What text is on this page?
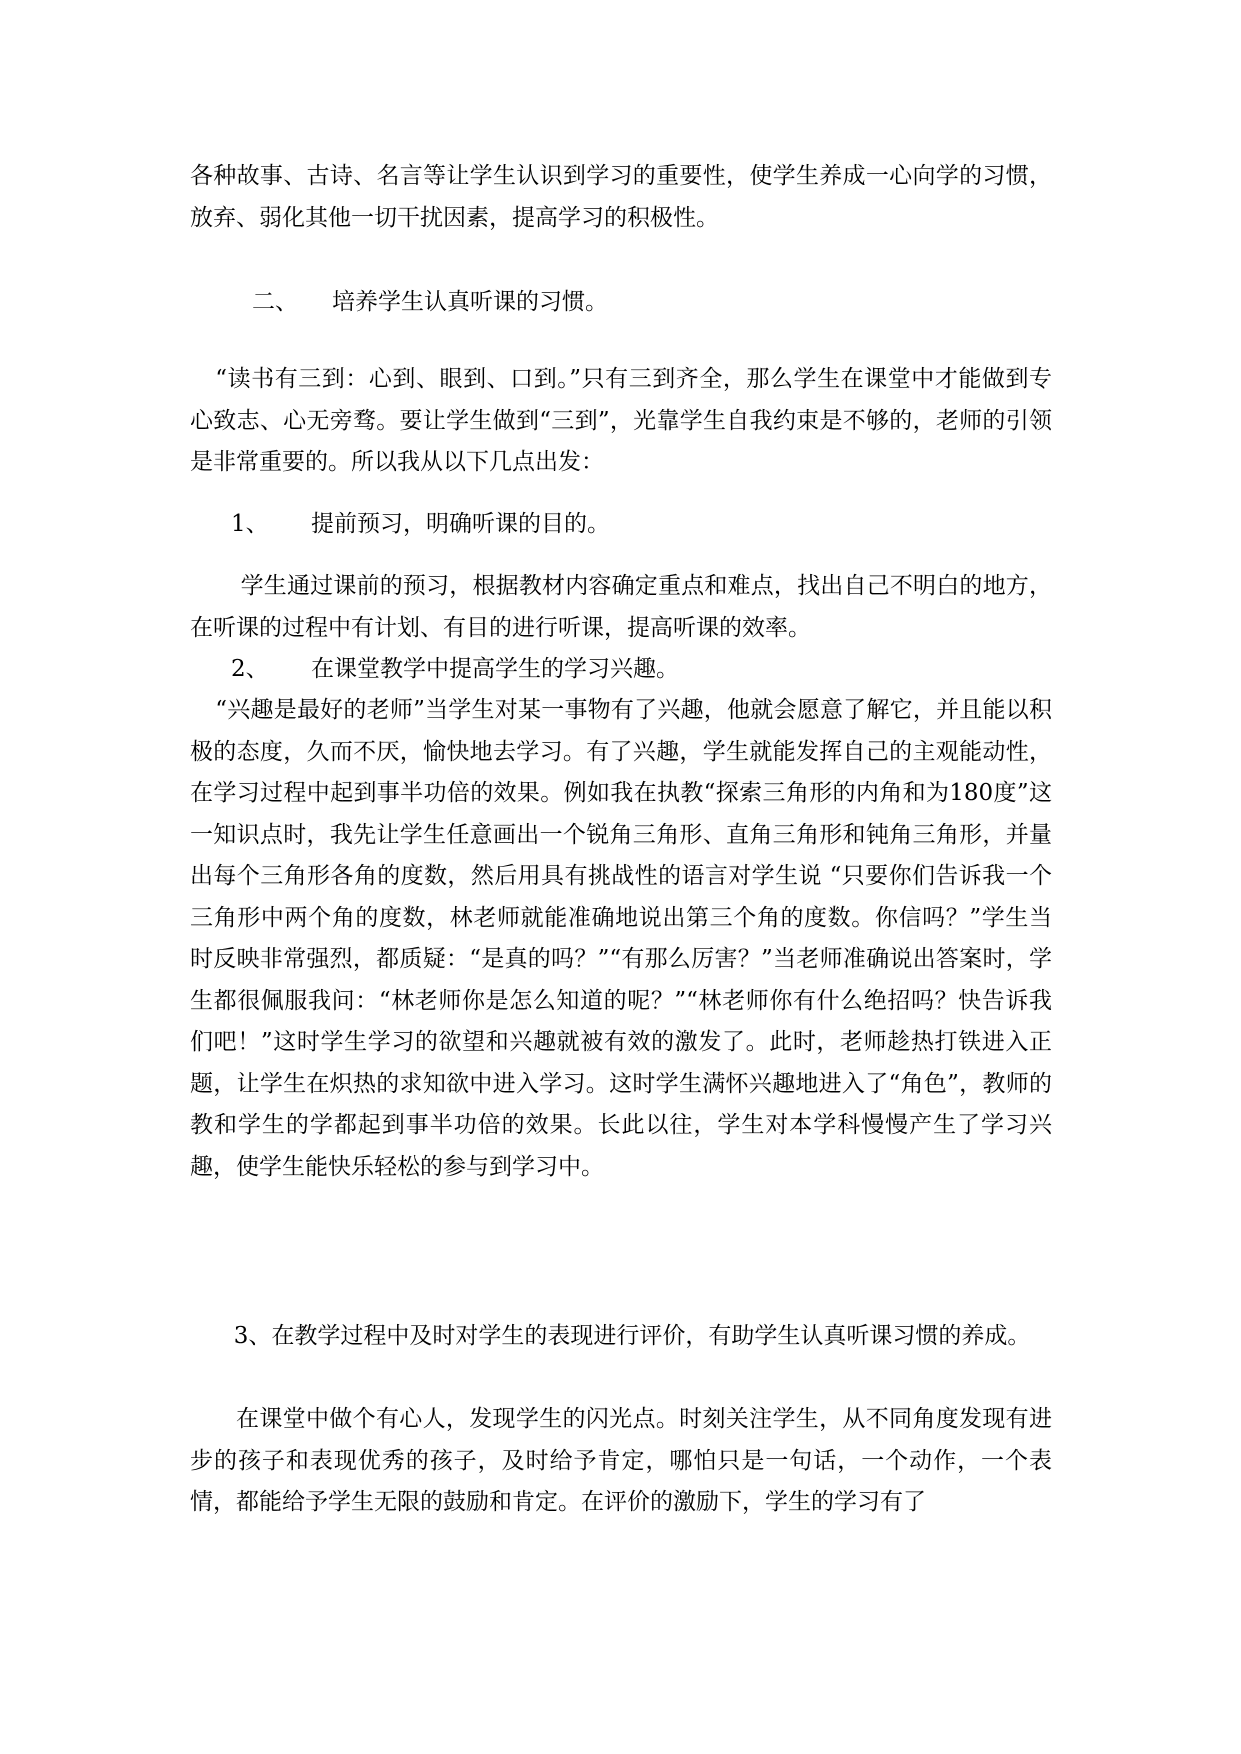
各种故事、古诗、名言等让学生认识到学习的重要性，使学生养成一心向学的习惯，放弃、弱化其他一切干扰因素，提高学习的积极性。

二、 培养学生认真听课的习惯。

“读书有三到：心到、眼到、口到。”只有三到齐全，那么学生在课堂中才能做到专心致志、心无旁骛。要让学生做到“三到”，光靠学生自我约束是不够的，老师的引领是非常重要的。所以我从以下几点出发：

1、 提前预习，明确听课的目的。

学生通过课前的预习，根据教材内容确定重点和难点，找出自己不明白的地方，在听课的过程中有计划、有目的进行听课，提高听课的效率。

2、 在课堂教学中提高学生的学习兴趣。

“兴趣是最好的老师”当学生对某一事物有了兴趣，他就会愿意了解它，并且能以积极的态度，久而不厌，愉快地去学习。有了兴趣，学生就能发挥自己的主观能动性，在学习过程中起到事半功倍的效果。例如我在执教“探索三角形的内角和为180度”这一知识点时，我先让学生任意画出一个锐角三角形、直角三角形和钝角三角形，并量出每个三角形各角的度数，然后用具有挑战性的语言对学生说 “只要你们告诉我一个三角形中两个角的度数，林老师就能准确地说出第三个角的度数。你信吗？”学生当时反映非常强烈，都质疑：“是真的吗？”“有那么厉害？”当老师准确说出答案时，学生都很佩服我问：“林老师你是怎么知道的呢？”“林老师你有什么绝招吗？快告诉我们吧！”这时学生学习的欲望和兴趣就被有效的激发了。此时，老师趁热打铁进入正题，让学生在炽热的求知欲中进入学习。这时学生满怀兴趣地进入了“角色”，教师的教和学生的学都起到事半功倍的效果。长此以往，学生对本学科慢慢产生了学习兴趣，使学生能快乐轻松的参与到学习中。

3、在教学过程中及时对学生的表现进行评价，有助学生认真听课习惯的养成。

在课堂中做个有心人，发现学生的闪光点。时刻关注学生，从不同角度发现有进步的孩子和表现优秀的孩子，及时给予肯定，哪怕只是一句话，一个动作，一个表情，都能给予学生无限的鼓励和肯定。在评价的激励下，学生的学习有了
